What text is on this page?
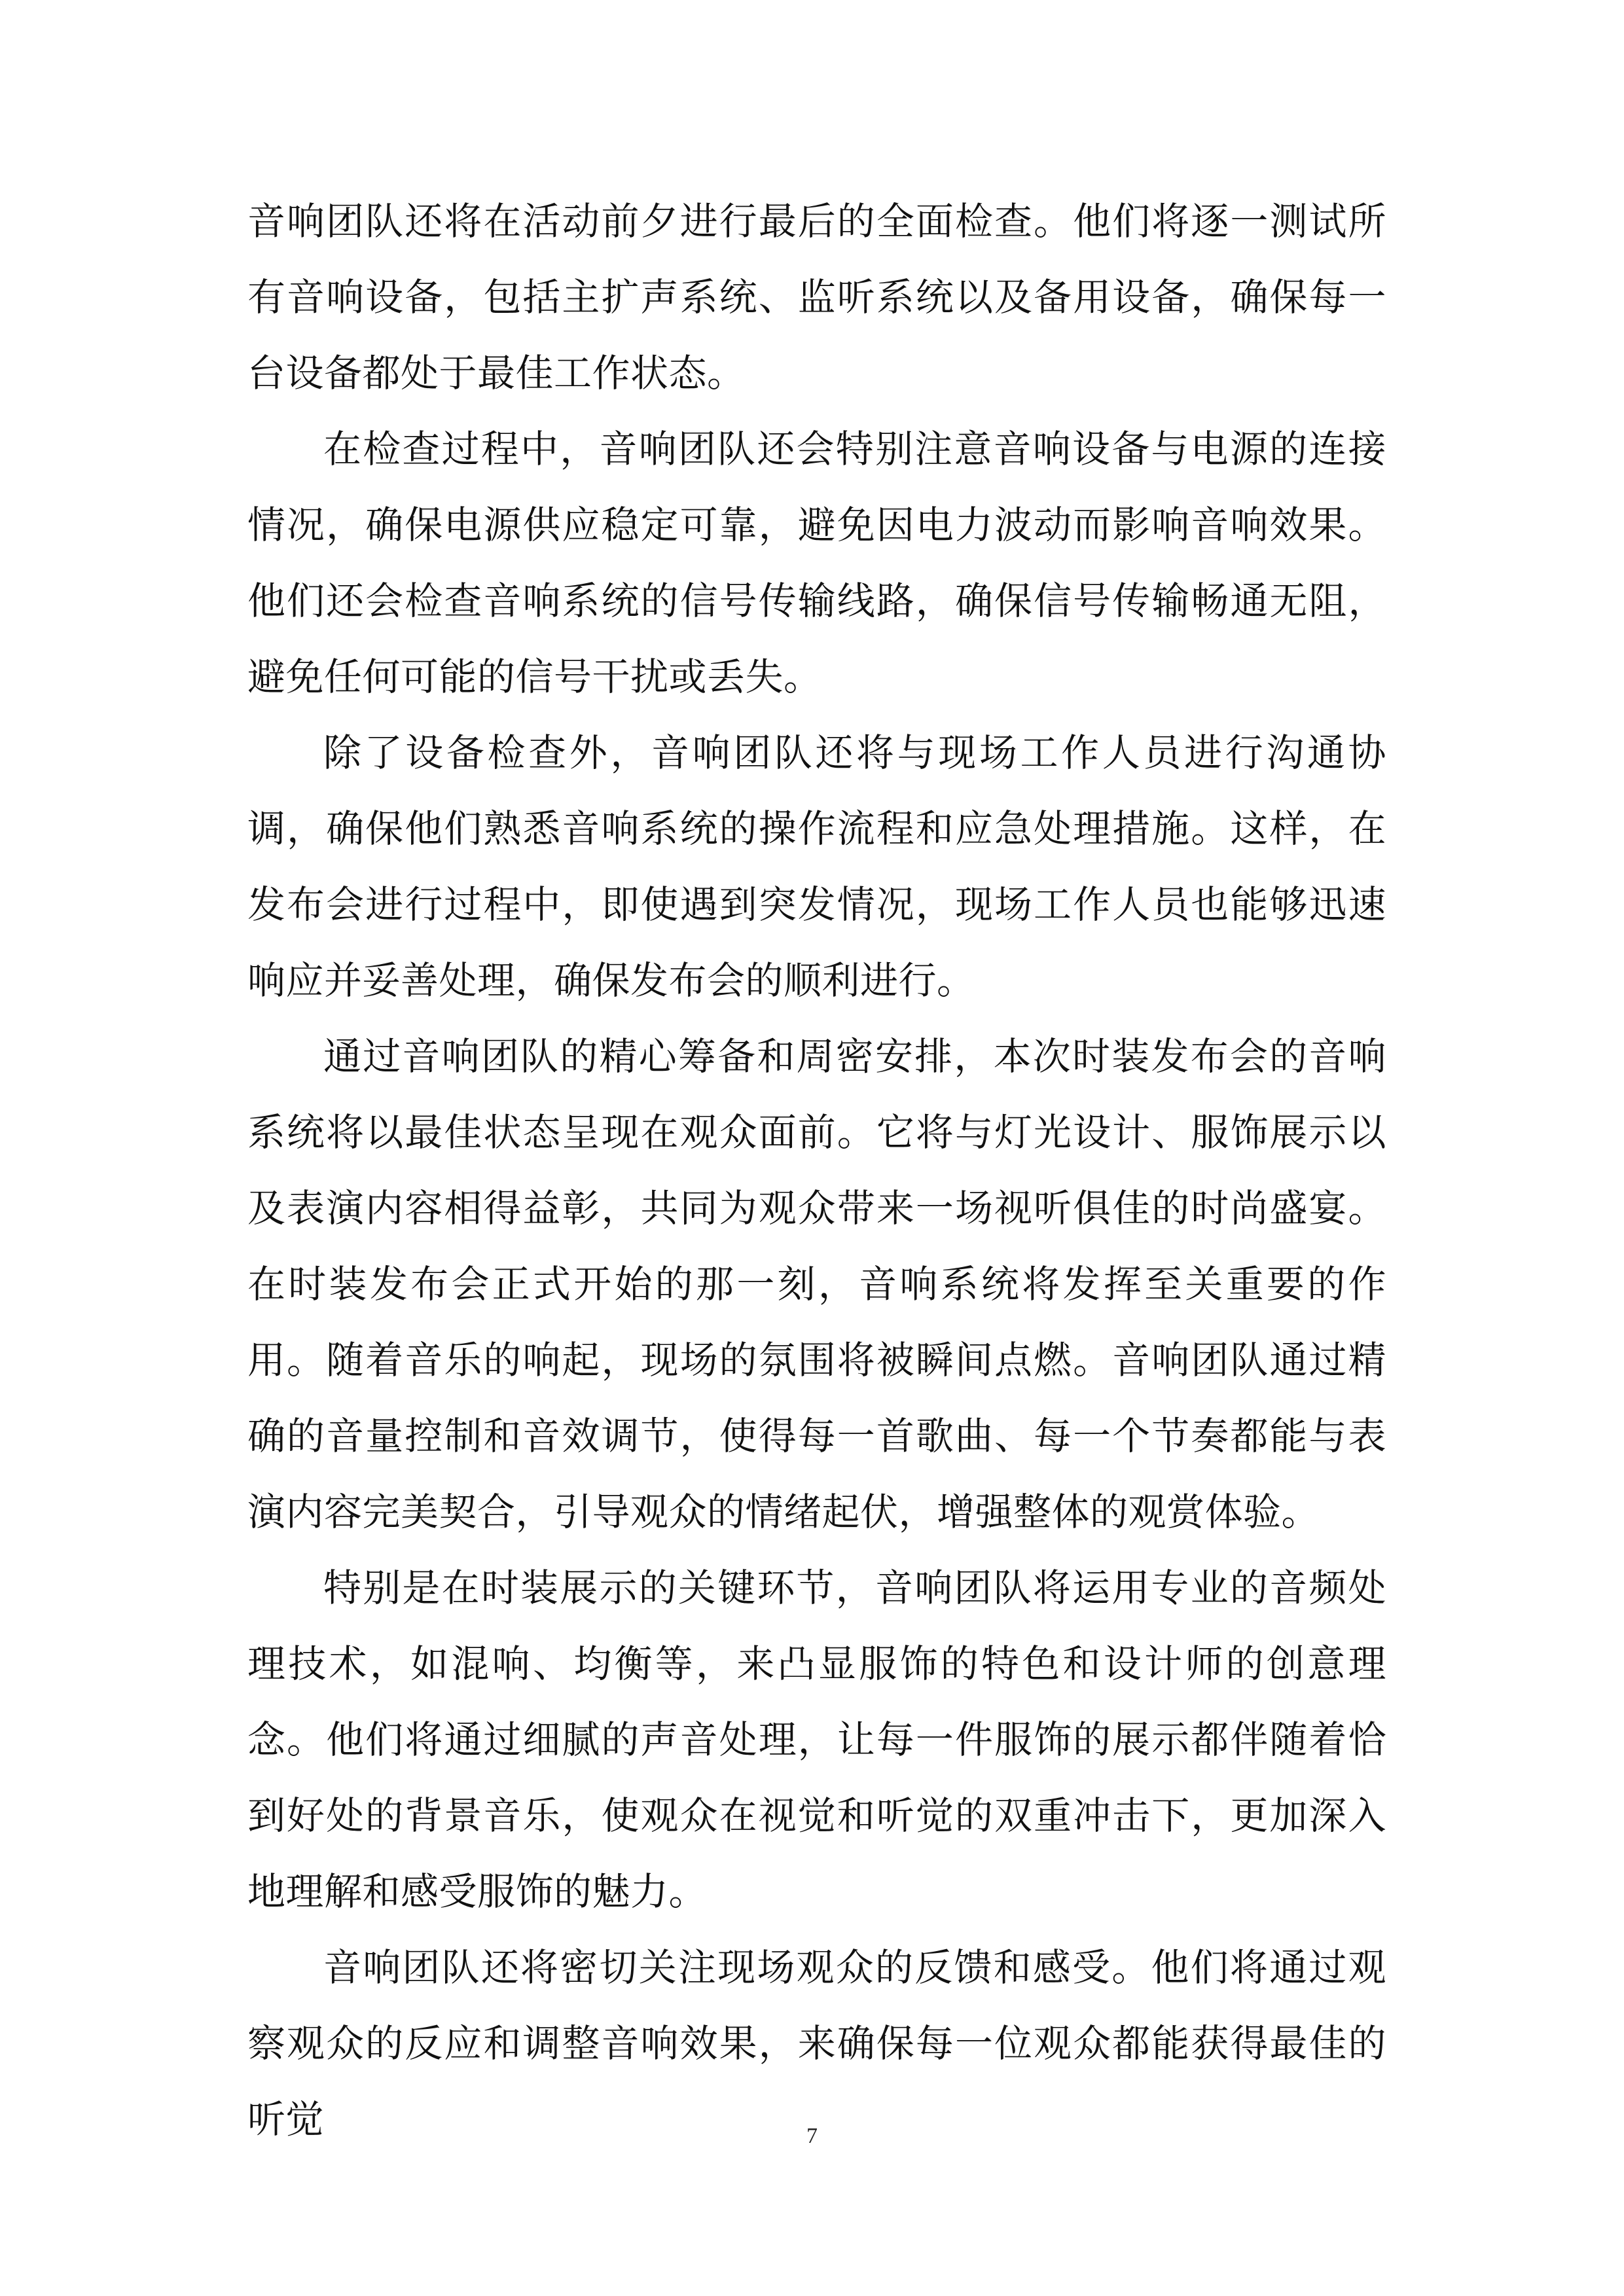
音响团队还将在活动前夕进行最后的全面检查。他们将逐一测试所有音响设备，包括主扩声系统、监听系统以及备用设备，确保每一台设备都处于最佳工作状态。

在检查过程中，音响团队还会特别注意音响设备与电源的连接情况，确保电源供应稳定可靠，避免因电力波动而影响音响效果。他们还会检查音响系统的信号传输线路，确保信号传输畅通无阻，避免任何可能的信号干扰或丢失。

除了设备检查外，音响团队还将与现场工作人员进行沟通协调，确保他们熟悉音响系统的操作流程和应急处理措施。这样，在发布会进行过程中，即使遇到突发情况，现场工作人员也能够迅速响应并妥善处理，确保发布会的顺利进行。

通过音响团队的精心筹备和周密安排，本次时装发布会的音响系统将以最佳状态呈现在观众面前。它将与灯光设计、服饰展示以及表演内容相得益彰，共同为观众带来一场视听俱佳的时尚盛宴。在时装发布会正式开始的那一刻，音响系统将发挥至关重要的作用。随着音乐的响起，现场的氛围将被瞬间点燃。音响团队通过精确的音量控制和音效调节，使得每一首歌曲、每一个节奏都能与表演内容完美契合，引导观众的情绪起伏，增强整体的观赏体验。

特别是在时装展示的关键环节，音响团队将运用专业的音频处理技术，如混响、均衡等，来凸显服饰的特色和设计师的创意理念。他们将通过细腻的声音处理，让每一件服饰的展示都伴随着恰到好处的背景音乐，使观众在视觉和听觉的双重冲击下，更加深入地理解和感受服饰的魅力。

音响团队还将密切关注现场观众的反馈和感受。他们将通过观察观众的反应和调整音响效果，来确保每一位观众都能获得最佳的听觉	7
